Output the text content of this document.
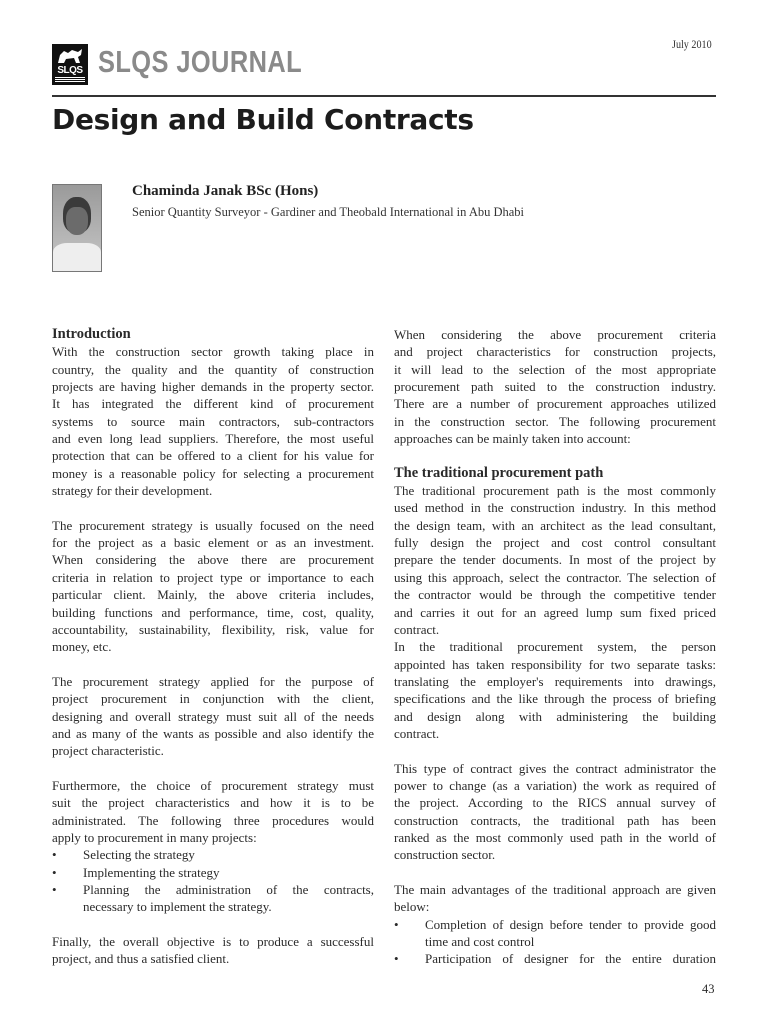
SLQS SLQS JOURNAL	July 2010
Design and Build Contracts
Chaminda Janak BSc (Hons)
Senior Quantity Surveyor - Gardiner and Theobald International in Abu Dhabi
Introduction
With the construction sector growth taking place in
country, the quality and the quantity of construction
projects are having higher demands in the property sector.
It has integrated the different kind of procurement
systems to source main contractors, sub-contractors
and even long lead suppliers. Therefore, the most useful
protection that can be offered to a client for his value for
money is a reasonable policy for selecting a procurement
strategy for their development.
The procurement strategy is usually focused on the need
for the project as a basic element or as an investment.
When considering the above there are procurement
criteria in relation to project type or importance to each
particular client. Mainly, the above criteria includes,
building functions and performance, time, cost, quality,
accountability, sustainability, flexibility, risk, value for
money, etc.
The procurement strategy applied for the purpose of
project procurement in conjunction with the client,
designing and overall strategy must suit all of the needs
and as many of the wants as possible and also identify the
project characteristic.
Furthermore, the choice of procurement strategy must
suit the project characteristics and how it is to be
administrated. The following three procedures would
apply to procurement in many projects:
• Selecting the strategy
• Implementing the strategy
• Planning the administration of the contracts,
necessary to implement the strategy.
Finally, the overall objective is to produce a successful
project, and thus a satisfied client.
When considering the above procurement criteria
and project characteristics for construction projects,
it will lead to the selection of the most appropriate
procurement path suited to the construction industry.
There are a number of procurement approaches utilized
in the construction sector. The following procurement
approaches can be mainly taken into account:
The traditional procurement path
The traditional procurement path is the most commonly
used method in the construction industry. In this method
the design team, with an architect as the lead consultant,
fully design the project and cost control consultant
prepare the tender documents. In most of the project by
using this approach, select the contractor. The selection of
the contractor would be through the competitive tender
and carries it out for an agreed lump sum fixed priced
contract.
In the traditional procurement system, the person
appointed has taken responsibility for two separate tasks:
translating the employer's requirements into drawings,
specifications and the like through the process of briefing
and design along with administering the building
contract.
This type of contract gives the contract administrator the
power to change (as a variation) the work as required of
the project. According to the RICS annual survey of
construction contracts, the traditional path has been
ranked as the most commonly used path in the world of
construction sector.
The main advantages of the traditional approach are given
below:
• Completion of design before tender to provide good
time and cost control
• Participation of designer for the entire duration
43
